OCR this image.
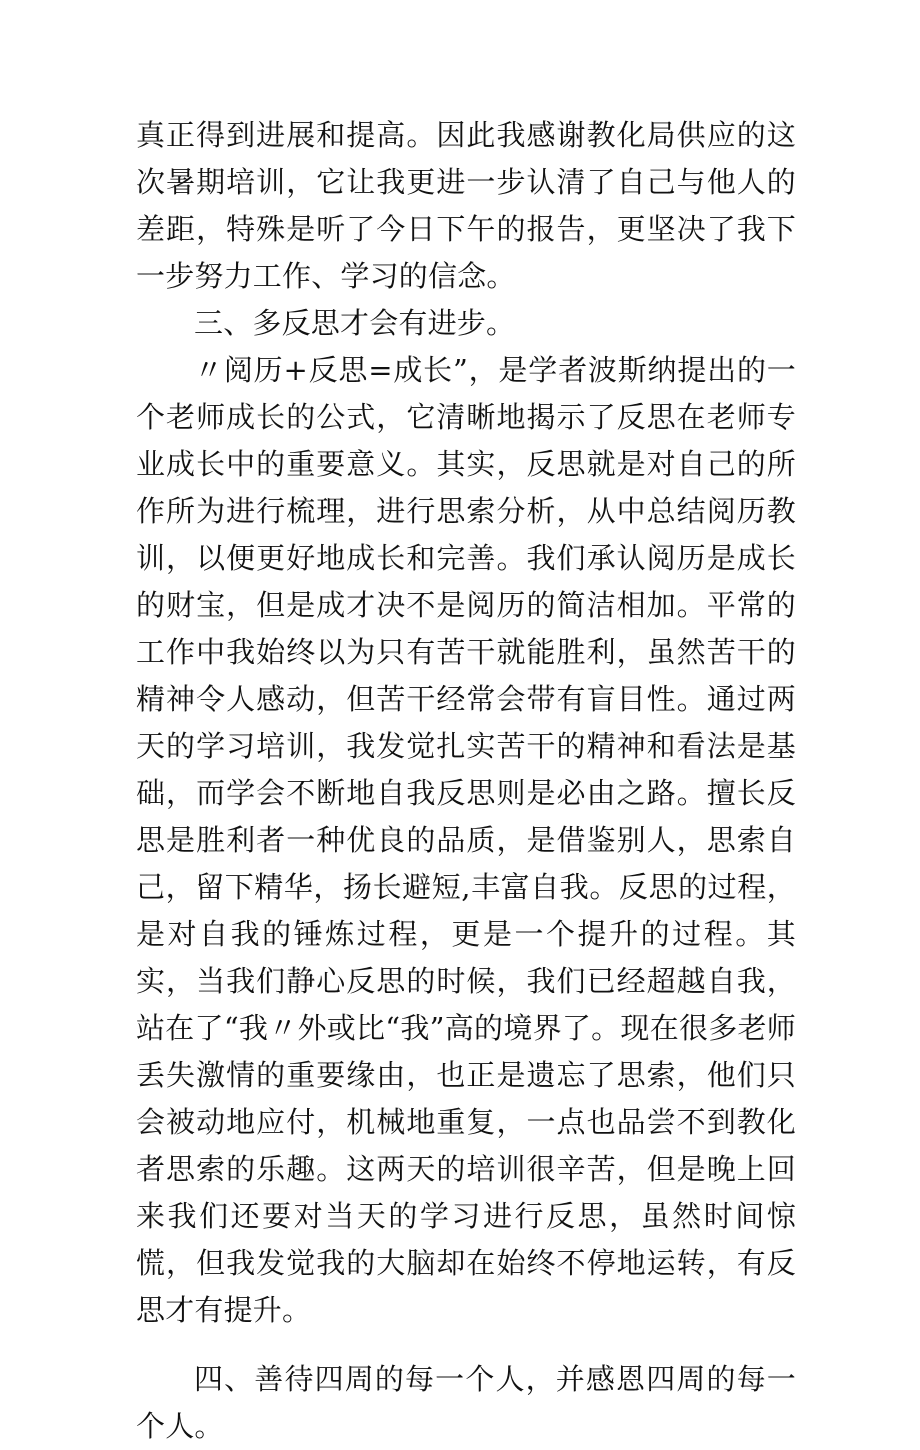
真正得到进展和提高。因此我感谢教化局供应的这次暑期培训，它让我更进一步认清了自己与他人的差距，特殊是听了今日下午的报告，更坚决了我下一步努力工作、学习的信念。

三、多反思才会有进步。

〃阅历+反思=成长”，是学者波斯纳提出的一个老师成长的公式，它清晰地揭示了反思在老师专业成长中的重要意义。其实，反思就是对自己的所作所为进行梳理，进行思索分析，从中总结阅历教训，以便更好地成长和完善。我们承认阅历是成长的财宝，但是成才决不是阅历的简洁相加。平常的工作中我始终以为只有苦干就能胜利，虽然苦干的精神令人感动，但苦干经常会带有盲目性。通过两天的学习培训，我发觉扎实苦干的精神和看法是基础，而学会不断地自我反思则是必由之路。擅长反思是胜利者一种优良的品质，是借鉴别人，思索自己，留下精华，扬长避短,丰富自我。反思的过程，是对自我的锤炼过程，更是一个提升的过程。其实，当我们静心反思的时候，我们已经超越自我，站在了“我〃外或比“我”高的境界了。现在很多老师丢失激情的重要缘由，也正是遗忘了思索，他们只会被动地应付，机械地重复，一点也品尝不到教化者思索的乐趣。这两天的培训很辛苦，但是晚上回来我们还要对当天的学习进行反思，虽然时间惊慌，但我发觉我的大脑却在始终不停地运转，有反思才有提升。

四、善待四周的每一个人，并感恩四周的每一个人。
